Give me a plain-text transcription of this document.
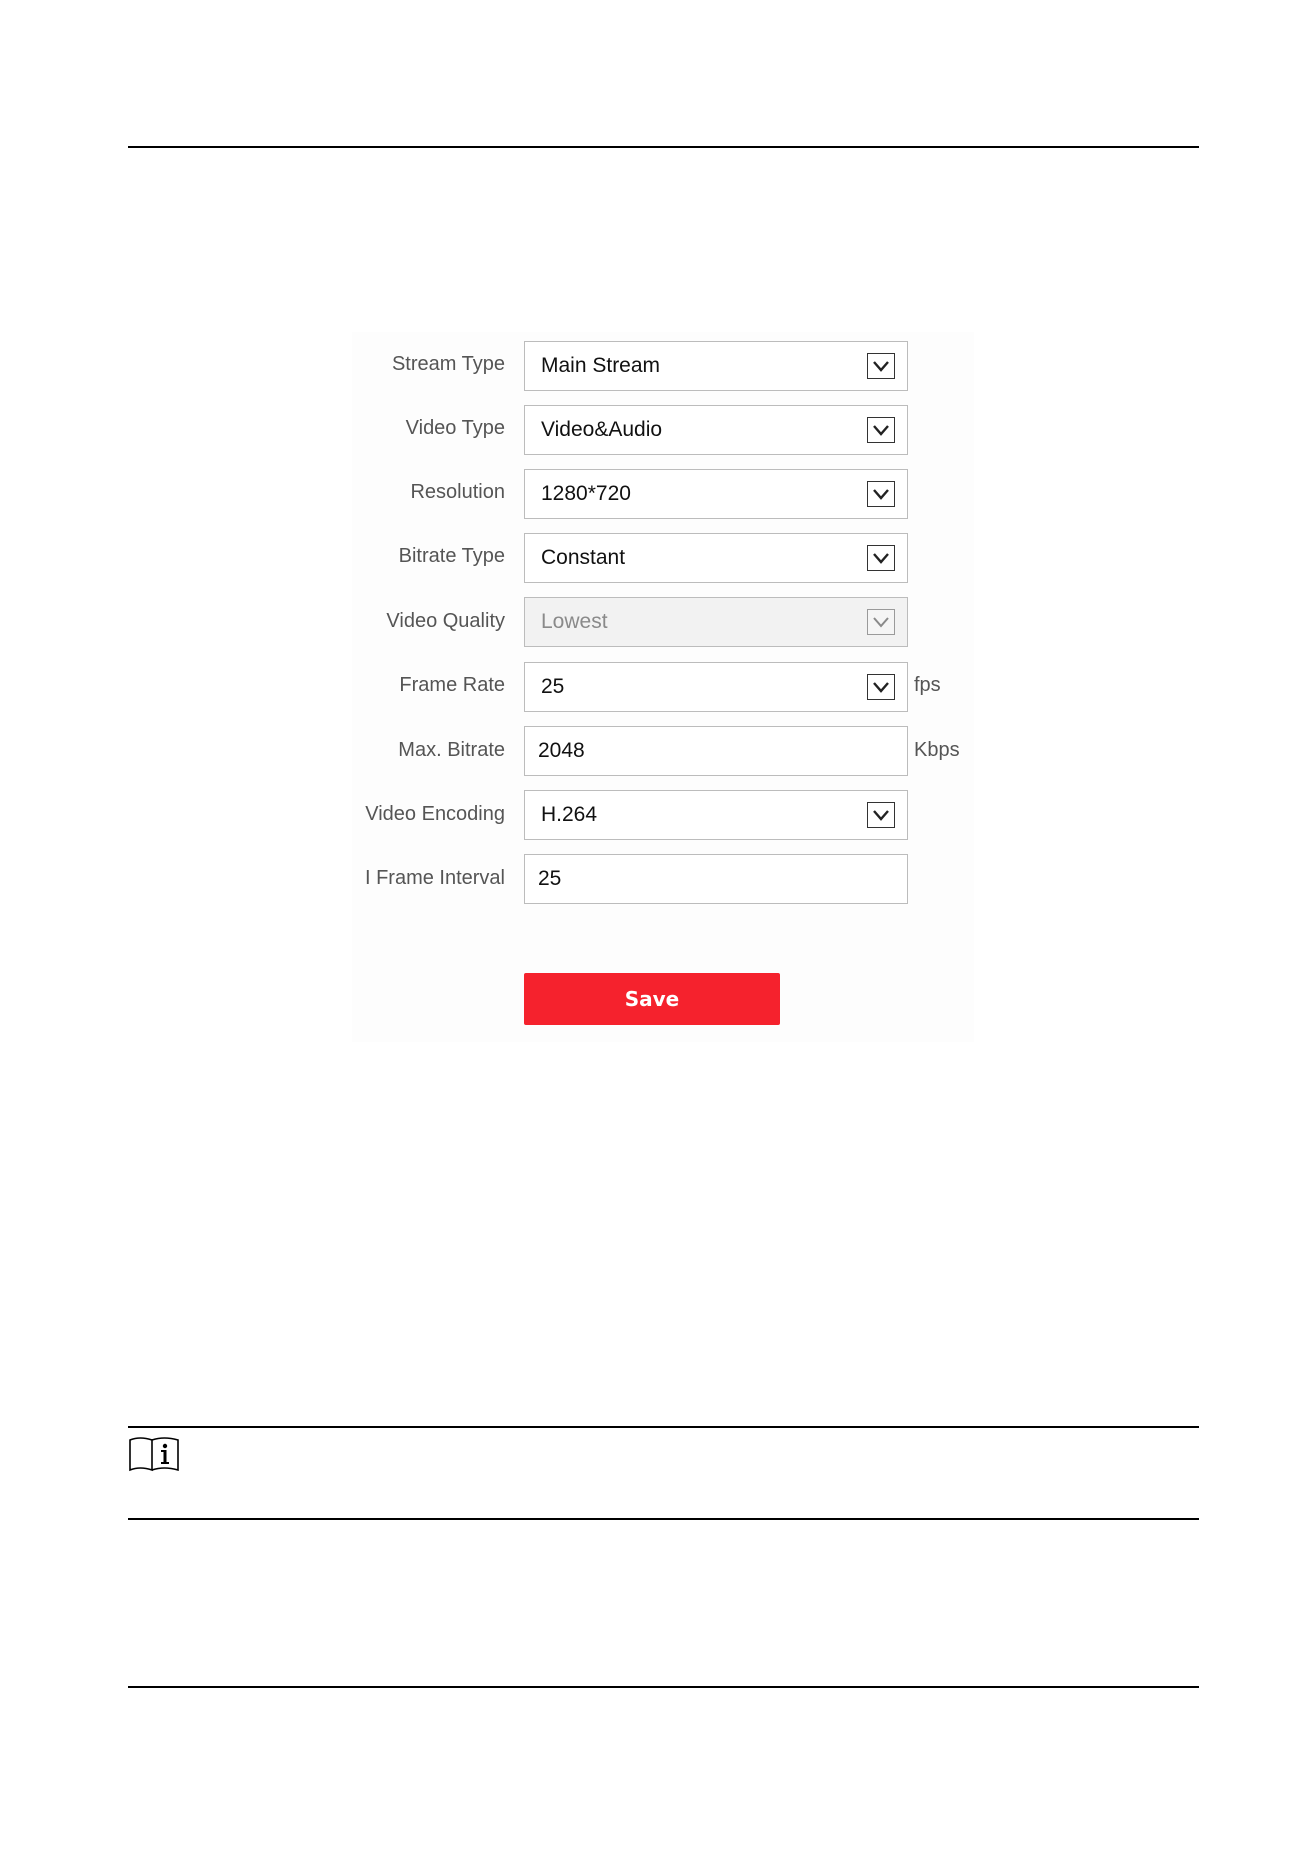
Stream Type Main Stream
Video Type Video&Audio
Resolution 1280*720
Bitrate Type Constant
Video Quality Lowest
Frame Rate 25	fps
Max. Bitrate 2048	Kbps
Video Encoding H.264
I Frame Interval 25
Save
